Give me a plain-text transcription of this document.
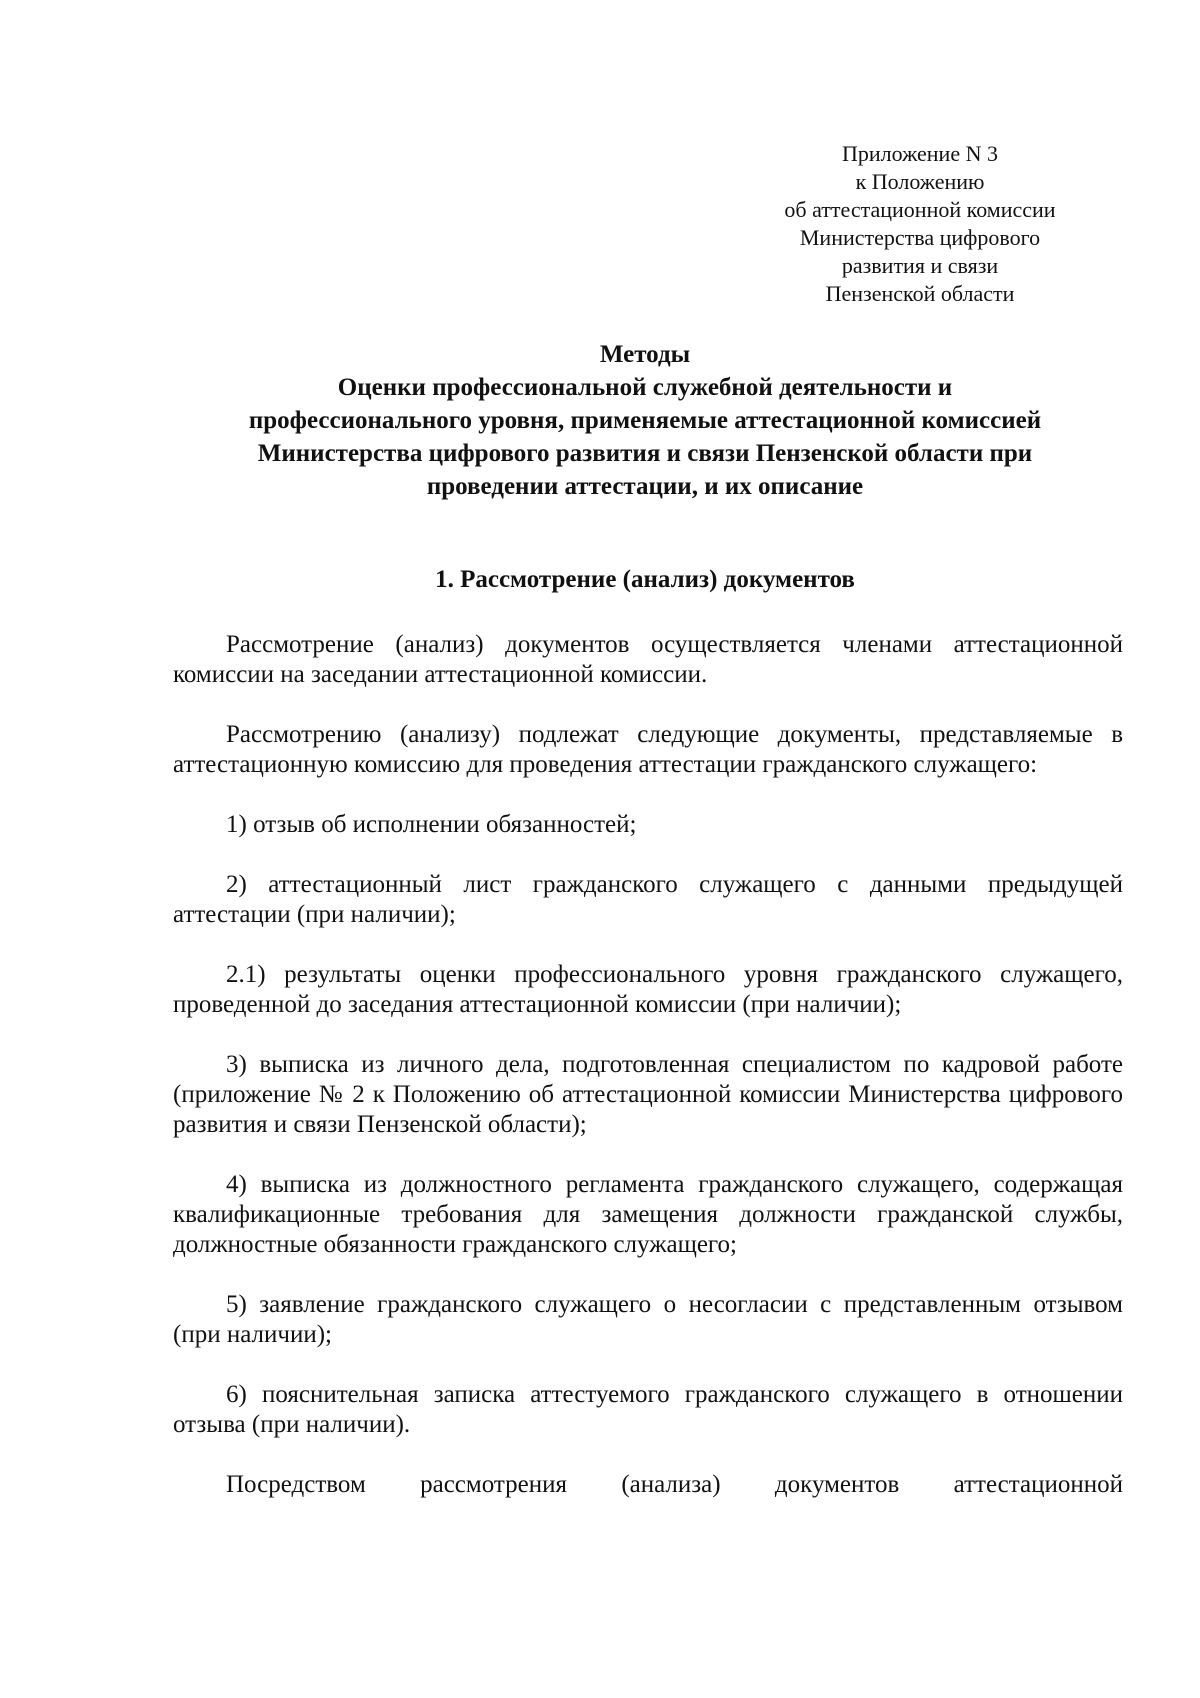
Приложение N 3
к Положению
об аттестационной комиссии
Министерства цифрового
развития и связи
Пензенской области
Методы
Оценки профессиональной служебной деятельности и
профессионального уровня, применяемые аттестационной комиссией
Министерства цифрового развития и связи Пензенской области при
проведении аттестации, и их описание
1. Рассмотрение (анализ) документов

Рассмотрение (анализ) документов осуществляется членами аттестационной комиссии на заседании аттестационной комиссии.

Рассмотрению (анализу) подлежат следующие документы, представляемые в аттестационную комиссию для проведения аттестации гражданского служащего:

1) отзыв об исполнении обязанностей;

2) аттестационный лист гражданского служащего с данными предыдущей аттестации (при наличии);

2.1) результаты оценки профессионального уровня гражданского служащего, проведенной до заседания аттестационной комиссии (при наличии);

3) выписка из личного дела, подготовленная специалистом по кадровой работе (приложение № 2 к Положению об аттестационной комиссии Министерства цифрового развития и связи Пензенской области);

4) выписка из должностного регламента гражданского служащего, содержащая квалификационные требования для замещения должности гражданской службы, должностные обязанности гражданского служащего;

5) заявление гражданского служащего о несогласии с представленным отзывом (при наличии);

6) пояснительная записка аттестуемого гражданского служащего в отношении отзыва (при наличии).

Посредством рассмотрения (анализа) документов аттестационной
